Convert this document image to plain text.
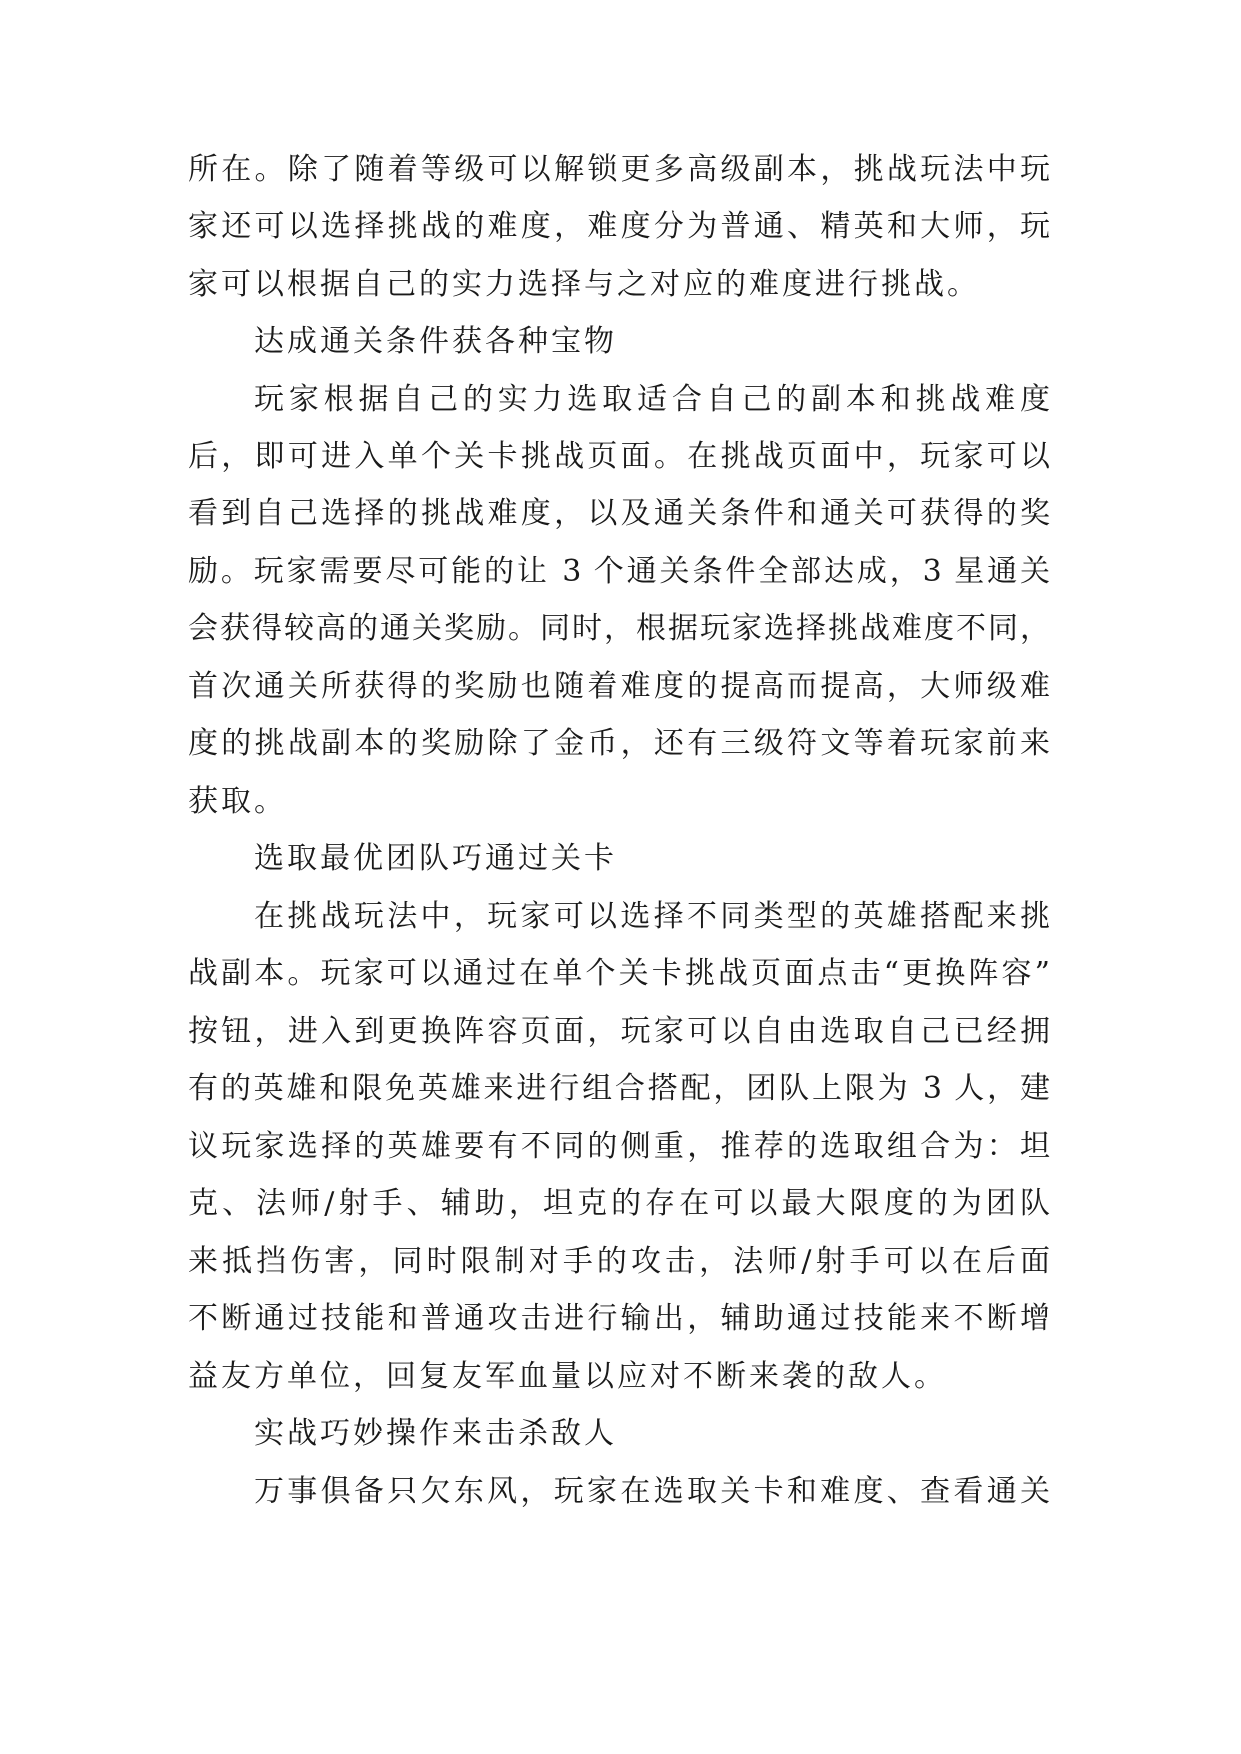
所在。除了随着等级可以解锁更多高级副本，挑战玩法中玩
家还可以选择挑战的难度，难度分为普通、精英和大师，玩
家可以根据自己的实力选择与之对应的难度进行挑战。
达成通关条件获各种宝物
玩家根据自己的实力选取适合自己的副本和挑战难度
后，即可进入单个关卡挑战页面。在挑战页面中，玩家可以
看到自己选择的挑战难度，以及通关条件和通关可获得的奖
励。玩家需要尽可能的让 3 个通关条件全部达成，3 星通关
会获得较高的通关奖励。同时，根据玩家选择挑战难度不同，
首次通关所获得的奖励也随着难度的提高而提高，大师级难
度的挑战副本的奖励除了金币，还有三级符文等着玩家前来
获取。
选取最优团队巧通过关卡
在挑战玩法中，玩家可以选择不同类型的英雄搭配来挑
战副本。玩家可以通过在单个关卡挑战页面点击“更换阵容”
按钮，进入到更换阵容页面，玩家可以自由选取自己已经拥
有的英雄和限免英雄来进行组合搭配，团队上限为 3 人，建
议玩家选择的英雄要有不同的侧重，推荐的选取组合为：坦
克、法师/射手、辅助，坦克的存在可以最大限度的为团队
来抵挡伤害，同时限制对手的攻击，法师/射手可以在后面
不断通过技能和普通攻击进行输出，辅助通过技能来不断增
益友方单位，回复友军血量以应对不断来袭的敌人。
实战巧妙操作来击杀敌人
万事俱备只欠东风，玩家在选取关卡和难度、查看通关
